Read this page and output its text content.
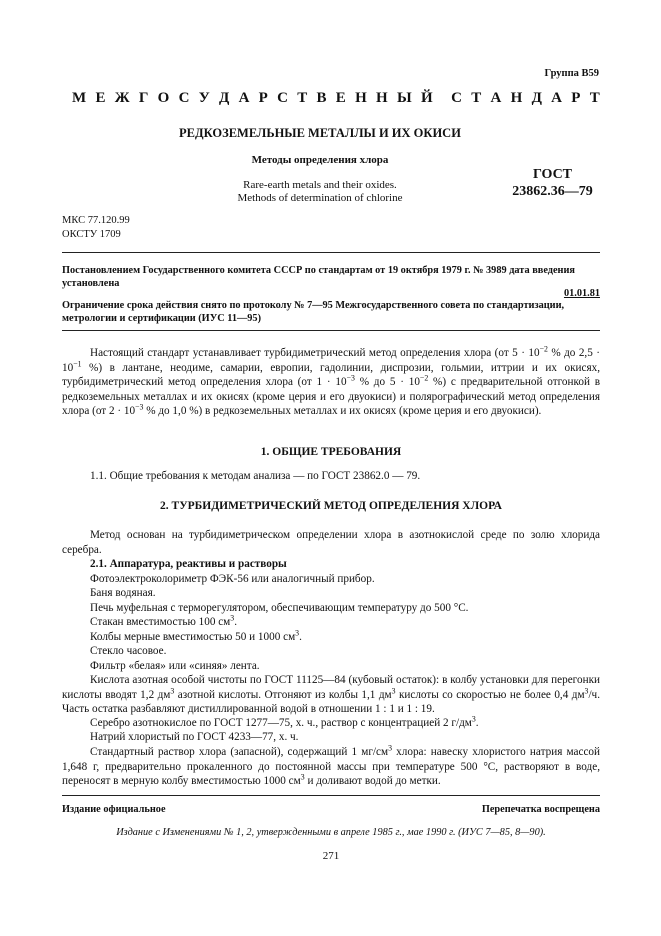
Группа В59
М Е Ж Г О С У Д А Р С Т В Е Н Н Ы Й С Т А Н Д А Р Т
РЕДКОЗЕМЕЛЬНЫЕ МЕТАЛЛЫ И ИХ ОКИСИ
Методы определения хлора
Rare-earth metals and their oxides.
Methods of determination of chlorine
ГОСТ
23862.36—79
МКС 77.120.99
ОКСТУ 1709
Постановлением Государственного комитета СССР по стандартам от 19 октября 1979 г. № 3989 дата введения установлена
01.01.81
Ограничение срока действия снято по протоколу № 7—95 Межгосударственного совета по стандартизации, метрологии и сертификации (ИУС 11—95)
Настоящий стандарт устанавливает турбидиметрический метод определения хлора (от $5 \cdot 10^{-2}$ % до $2,5 \cdot 10^{-1}$ %) в лантане, неодиме, самарии, европии, гадолинии, диспрозии, гольмии, иттрии и их окисях, турбидиметрический метод определения хлора (от $1 \cdot 10^{-3}$ % до $5 \cdot 10^{-2}$ %) с предварительной отгонкой в редкоземельных металлах и их окисях (кроме церия и его двуокиси) и полярографический метод определения хлора (от $2 \cdot 10^{-3}$ % до 1,0 %) в редкоземельных металлах и их окисях (кроме церия и его двуокиси).
1. ОБЩИЕ ТРЕБОВАНИЯ
1.1. Общие требования к методам анализа — по ГОСТ 23862.0 — 79.
2. ТУРБИДИМЕТРИЧЕСКИЙ МЕТОД ОПРЕДЕЛЕНИЯ ХЛОРА
Метод основан на турбидиметрическом определении хлора в азотнокислой среде по золю хлорида серебра.
2.1. Аппаратура, реактивы и растворы
Фотоэлектроколориметр ФЭК-56 или аналогичный прибор.
Баня водяная.
Печь муфельная с терморегулятором, обеспечивающим температуру до 500 °С.
Стакан вместимостью 100 $см^3$.
Колбы мерные вместимостью 50 и 1000 $см^3$.
Стекло часовое.
Фильтр «белая» или «синяя» лента.
Кислота азотная особой чистоты по ГОСТ 11125—84 (кубовый остаток): в колбу установки для перегонки кислоты вводят 1,2 $дм^3$ азотной кислоты. Отгоняют из колбы 1,1 $дм^3$ кислоты со скоростью не более 0,4 $дм^3/ч$. Часть остатка разбавляют дистиллированной водой в отношении 1 : 1 и 1 : 19.
Серебро азотнокислое по ГОСТ 1277—75, х. ч., раствор с концентрацией 2 $г/дм^3$.
Натрий хлористый по ГОСТ 4233—77, х. ч.
Стандартный раствор хлора (запасной), содержащий 1 $мг/см^3$ хлора: навеску хлористого натрия массой 1,648 г, предварительно прокаленного до постоянной массы при температуре 500 °С, растворяют в воде, переносят в мерную колбу вместимостью 1000 $см^3$ и доливают водой до метки.
Издание официальное	Перепечатка воспрещена
Издание с Изменениями № 1, 2, утвержденными в апреле 1985 г., мае 1990 г. (ИУС 7—85, 8—90).
271
